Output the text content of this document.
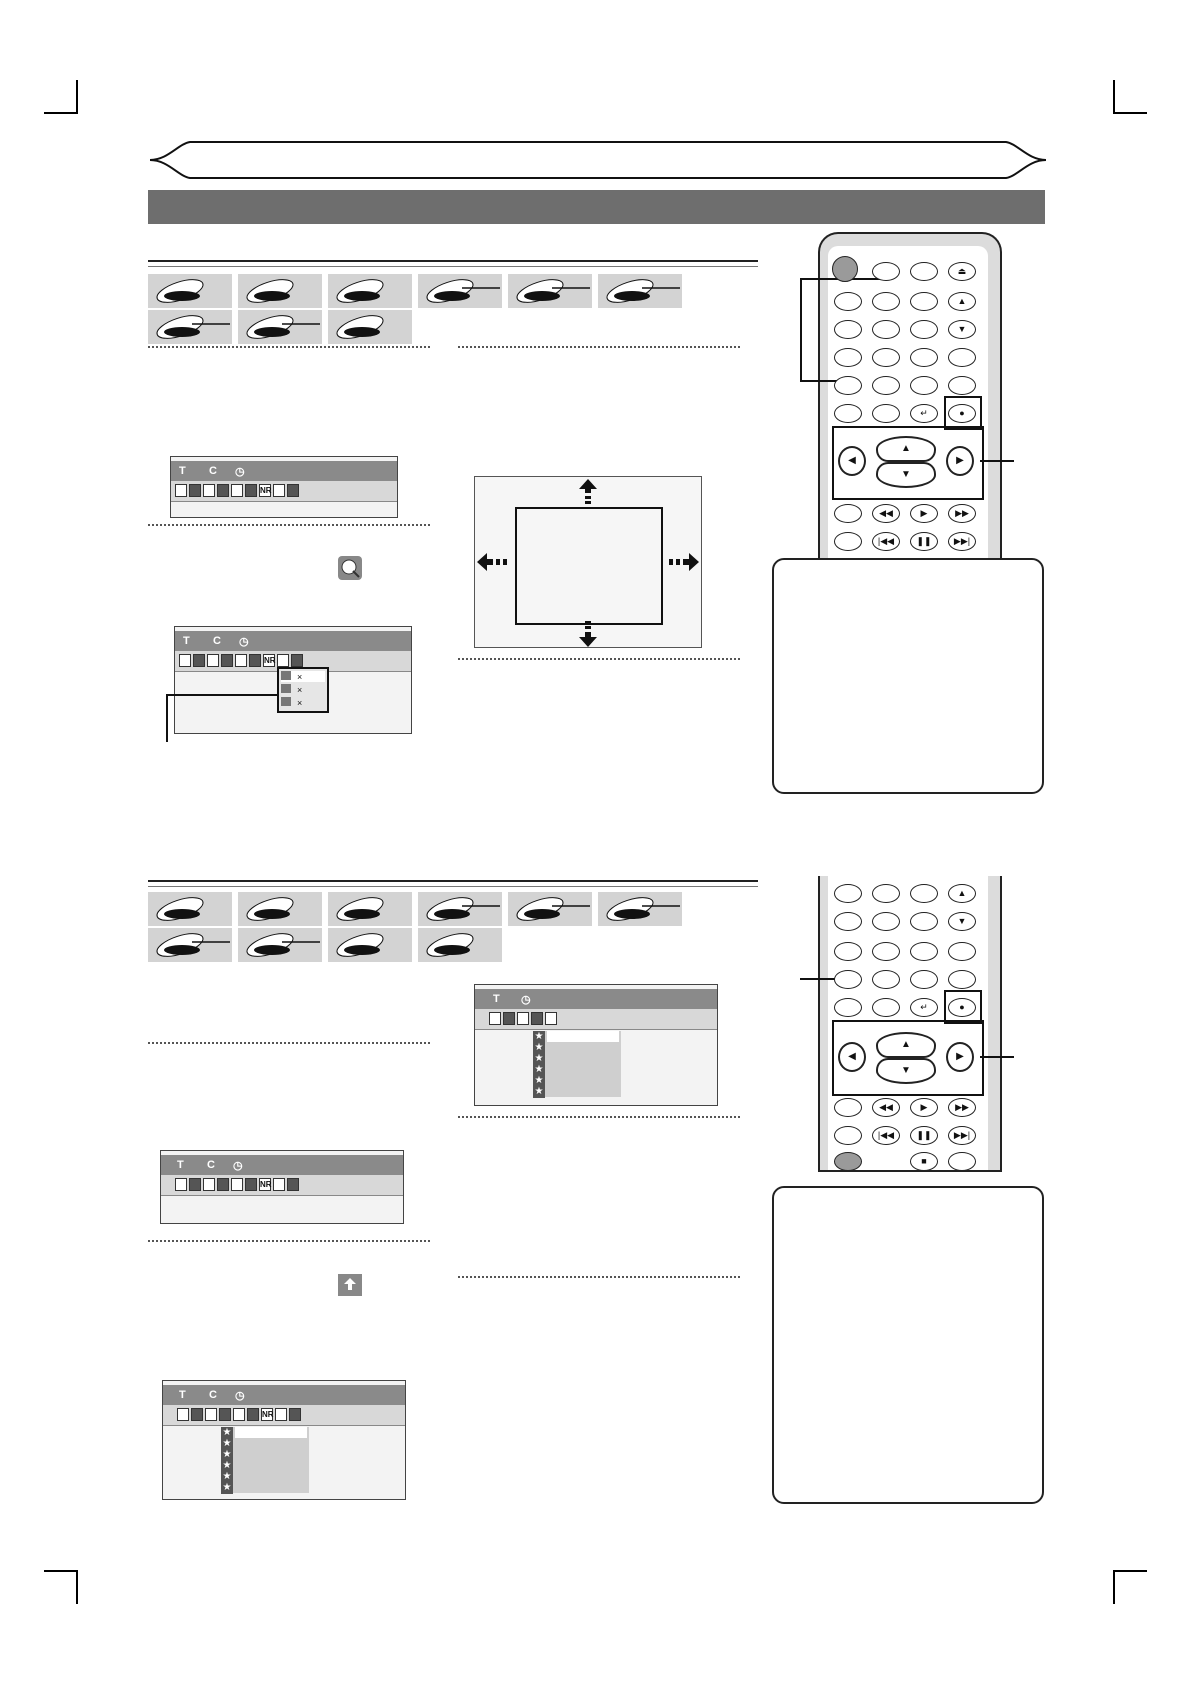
T C ◷
NR
T C ◷
NR
×
×
×
⏏
▲
▼
↵	●
◀	▶
▲
▼
◀◀	▶	▶▶
|◀◀	❚❚	▶▶|
T C ◷
NR
T C ◷
NR
★
★
★
★
★
★
T ◷
★
★
★
★
★
★
▲
▼
↵	●
◀	▶
▲
▼
◀◀	▶	▶▶
|◀◀	❚❚	▶▶|
■
